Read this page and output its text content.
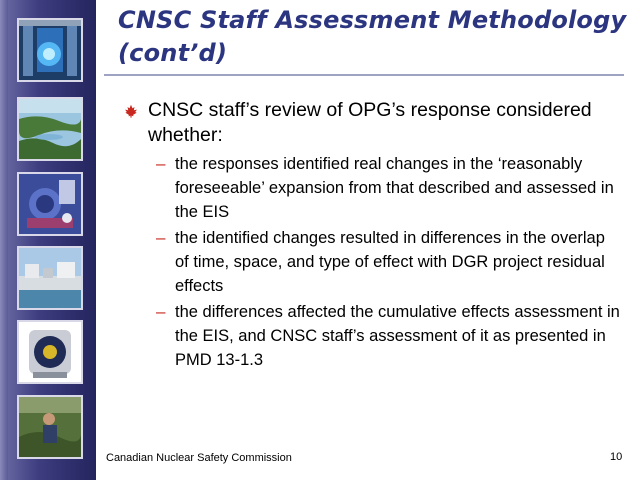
CNSC Staff Assessment Methodology (cont’d)
CNSC staff’s review of OPG’s response considered whether:
– the responses identified real changes in the ‘reasonably foreseeable’ expansion from that described and assessed in the EIS
– the identified changes resulted in differences in the overlap of time, space, and type of effect with DGR project residual effects
– the differences affected the cumulative effects assessment in the EIS, and CNSC staff’s assessment of it as presented in PMD 13-1.3
Canadian Nuclear Safety Commission	10
